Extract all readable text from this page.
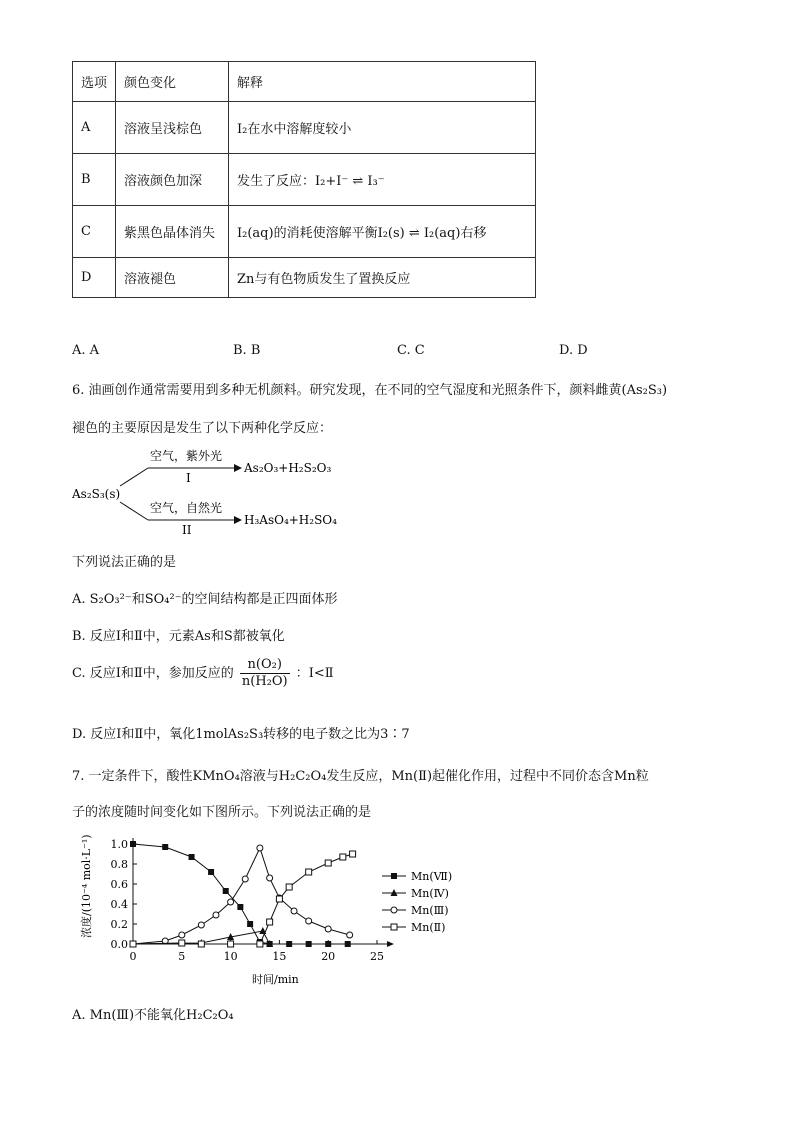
选项	颜色变化	解释
A	溶液呈浅棕色	I₂在水中溶解度较小
B	溶液颜色加深	发生了反应：I₂+I⁻ ⇌ I₃⁻
C	紫黑色晶体消失	I₂(aq)的消耗使溶解平衡I₂(s) ⇌ I₂(aq)右移
D	溶液褪色	Zn与有色物质发生了置换反应
A. A	B. B	C. C	D. D
6. 油画创作通常需要用到多种无机颜料。研究发现，在不同的空气湿度和光照条件下，颜料雌黄(As₂S₃)
褪色的主要原因是发生了以下两种化学反应：
As₂S₃(s)
空气，紫外光
I
As₂O₃+H₂S₂O₃
空气，自然光
II
H₃AsO₄+H₂SO₄
下列说法正确的是
A. S₂O₃²⁻和SO₄²⁻的空间结构都是正四面体形
B. 反应Ⅰ和Ⅱ中，元素As和S都被氧化
C. 反应Ⅰ和Ⅱ中，参加反应的 $\frac{\text{n(O₂)}}{\text{n(H₂O)}}$ ：Ⅰ<Ⅱ
D. 反应Ⅰ和Ⅱ中，氧化1molAs₂S₃转移的电子数之比为3∶7
7. 一定条件下，酸性KMnO₄溶液与H₂C₂O₄发生反应，Mn(Ⅱ)起催化作用，过程中不同价态含Mn粒
子的浓度随时间变化如下图所示。下列说法正确的是
0.0
0.2
0.4
0.6
0.8
1.0
0	5	10	15	20	25
Mn(Ⅶ)
Mn(Ⅳ)
Mn(Ⅲ)
Mn(Ⅱ)
浓度/(10⁻⁴ mol·L⁻¹)
时间/min
A. Mn(Ⅲ)不能氧化H₂C₂O₄
